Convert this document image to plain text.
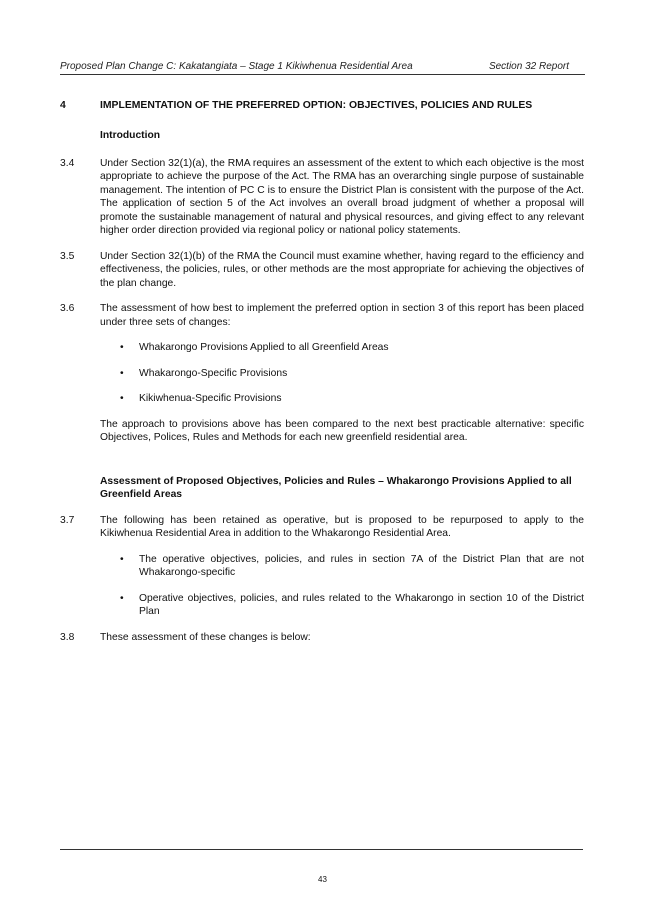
Proposed Plan Change C: Kakatangiata – Stage 1 Kikiwhenua Residential Area	Section 32 Report
4	IMPLEMENTATION OF THE PREFERRED OPTION: OBJECTIVES, POLICIES AND RULES
Introduction
3.4 Under Section 32(1)(a), the RMA requires an assessment of the extent to which each objective is the most appropriate to achieve the purpose of the Act. The RMA has an overarching single purpose of sustainable management. The intention of PC C is to ensure the District Plan is consistent with the purpose of the Act. The application of section 5 of the Act involves an overall broad judgment of whether a proposal will promote the sustainable management of natural and physical resources, and giving effect to any relevant higher order direction provided via regional policy or national policy statements.

3.5 Under Section 32(1)(b) of the RMA the Council must examine whether, having regard to the efficiency and effectiveness, the policies, rules, or other methods are the most appropriate for achieving the objectives of the plan change.

3.6 The assessment of how best to implement the preferred option in section 3 of this report has been placed under three sets of changes:

• Whakarongo Provisions Applied to all Greenfield Areas
• Whakarongo-Specific Provisions
• Kikiwhenua-Specific Provisions
The approach to provisions above has been compared to the next best practicable alternative: specific Objectives, Polices, Rules and Methods for each new greenfield residential area.
Assessment of Proposed Objectives, Policies and Rules – Whakarongo Provisions Applied to all Greenfield Areas
3.7 The following has been retained as operative, but is proposed to be repurposed to apply to the Kikiwhenua Residential Area in addition to the Whakarongo Residential Area.

• The operative objectives, policies, and rules in section 7A of the District Plan that are not Whakarongo-specific
• Operative objectives, policies, and rules related to the Whakarongo in section 10 of the District Plan
3.8 These assessment of these changes is below:

43
